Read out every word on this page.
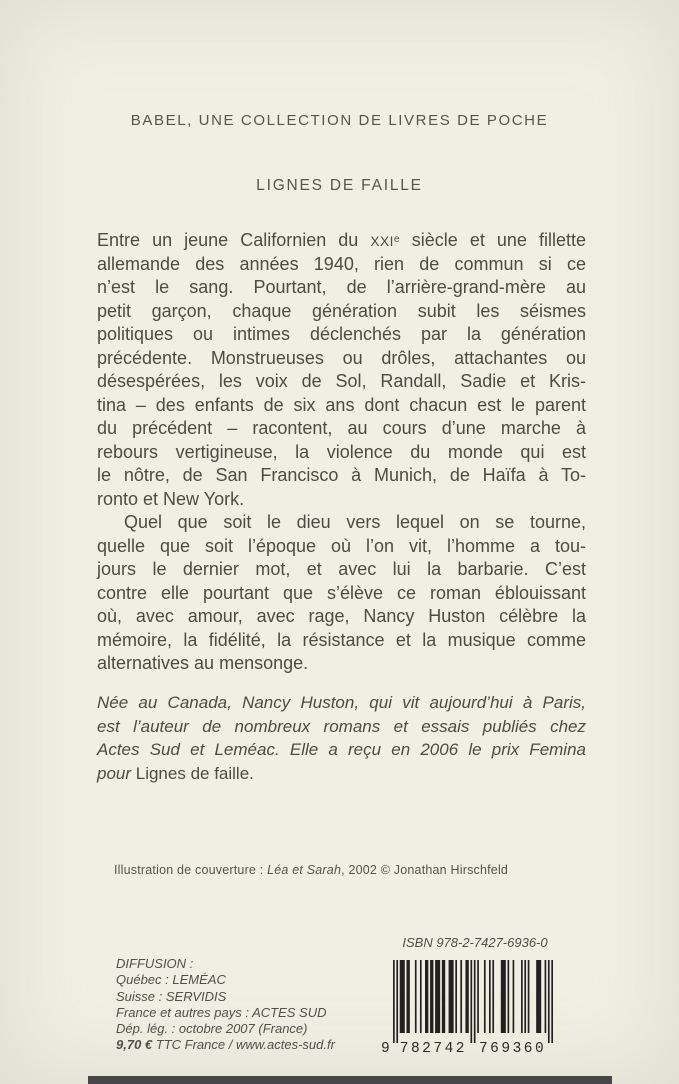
BABEL, UNE COLLECTION DE LIVRES DE POCHE
LIGNES DE FAILLE
Entre un jeune Californien du XXIe siècle et une fillette
allemande des années 1940, rien de commun si ce
n’est le sang. Pourtant, de l’arrière-grand-mère au
petit garçon, chaque génération subit les séismes
politiques ou intimes déclenchés par la génération
précédente. Monstrueuses ou drôles, attachantes ou
désespérées, les voix de Sol, Randall, Sadie et Kris-
tina – des enfants de six ans dont chacun est le parent
du précédent – racontent, au cours d’une marche à
rebours vertigineuse, la violence du monde qui est
le nôtre, de San Francisco à Munich, de Haïfa à To-
ronto et New York.
Quel que soit le dieu vers lequel on se tourne,
quelle que soit l’époque où l’on vit, l’homme a tou-
jours le dernier mot, et avec lui la barbarie. C’est
contre elle pourtant que s’élève ce roman éblouissant
où, avec amour, avec rage, Nancy Huston célèbre la
mémoire, la fidélité, la résistance et la musique comme
alternatives au mensonge.
Née au Canada, Nancy Huston, qui vit aujourd’hui à Paris,
est l’auteur de nombreux romans et essais publiés chez
Actes Sud et Leméac. Elle a reçu en 2006 le prix Femina
pour Lignes de faille.
Illustration de couverture : Léa et Sarah, 2002 © Jonathan Hirschfeld
ISBN 978-2-7427-6936-0
9 782742 769360
DIFFUSION :
Québec : LEMÉAC
Suisse : SERVIDIS
France et autres pays : ACTES SUD
Dép. lég. : octobre 2007 (France)
9,70 € TTC France / www.actes-sud.fr
